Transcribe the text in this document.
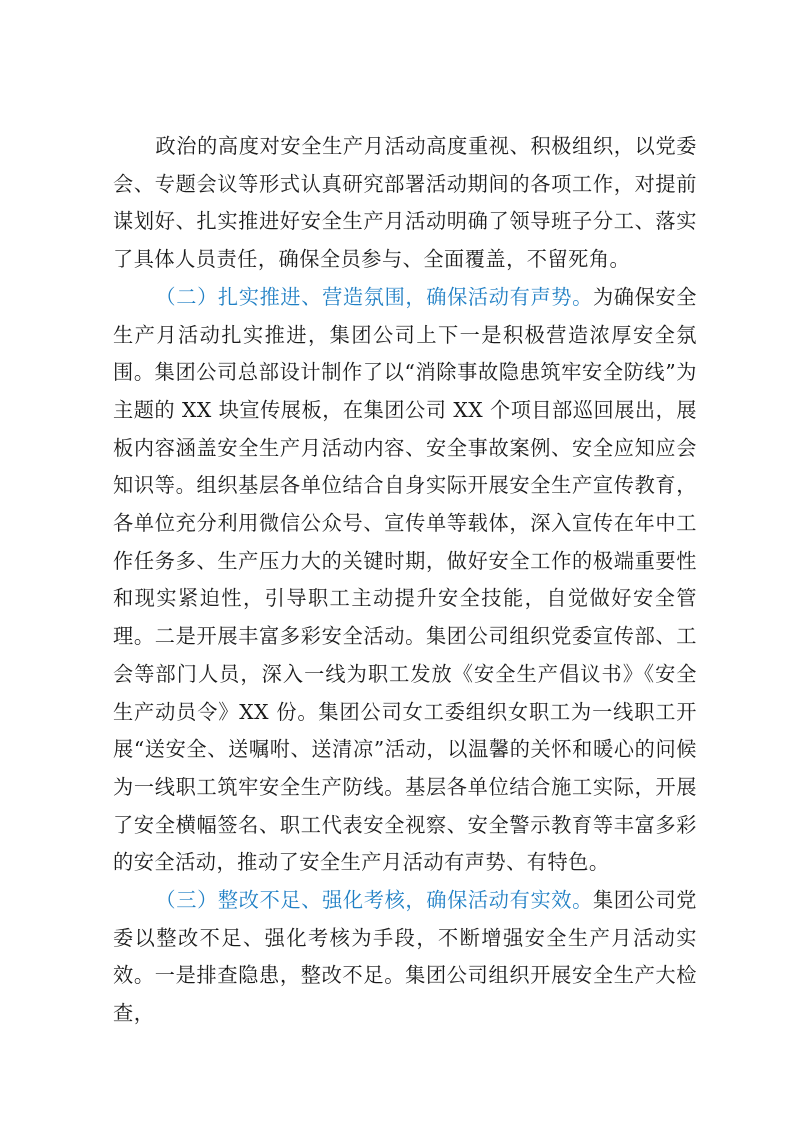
政治的高度对安全生产月活动高度重视、积极组织，以党委会、专题会议等形式认真研究部署活动期间的各项工作，对提前谋划好、扎实推进好安全生产月活动明确了领导班子分工、落实了具体人员责任，确保全员参与、全面覆盖，不留死角。

（二）扎实推进、营造氛围，确保活动有声势。为确保安全生产月活动扎实推进，集团公司上下一是积极营造浓厚安全氛围。集团公司总部设计制作了以“消除事故隐患筑牢安全防线”为主题的 XX 块宣传展板，在集团公司 XX 个项目部巡回展出，展板内容涵盖安全生产月活动内容、安全事故案例、安全应知应会知识等。组织基层各单位结合自身实际开展安全生产宣传教育，各单位充分利用微信公众号、宣传单等载体，深入宣传在年中工作任务多、生产压力大的关键时期，做好安全工作的极端重要性和现实紧迫性，引导职工主动提升安全技能，自觉做好安全管理。二是开展丰富多彩安全活动。集团公司组织党委宣传部、工会等部门人员，深入一线为职工发放《安全生产倡议书》《安全生产动员令》XX 份。集团公司女工委组织女职工为一线职工开展“送安全、送嘱咐、送清凉”活动，以温馨的关怀和暖心的问候为一线职工筑牢安全生产防线。基层各单位结合施工实际，开展了安全横幅签名、职工代表安全视察、安全警示教育等丰富多彩的安全活动，推动了安全生产月活动有声势、有特色。

（三）整改不足、强化考核，确保活动有实效。集团公司党委以整改不足、强化考核为手段，不断增强安全生产月活动实效。一是排查隐患，整改不足。集团公司组织开展安全生产大检查，
